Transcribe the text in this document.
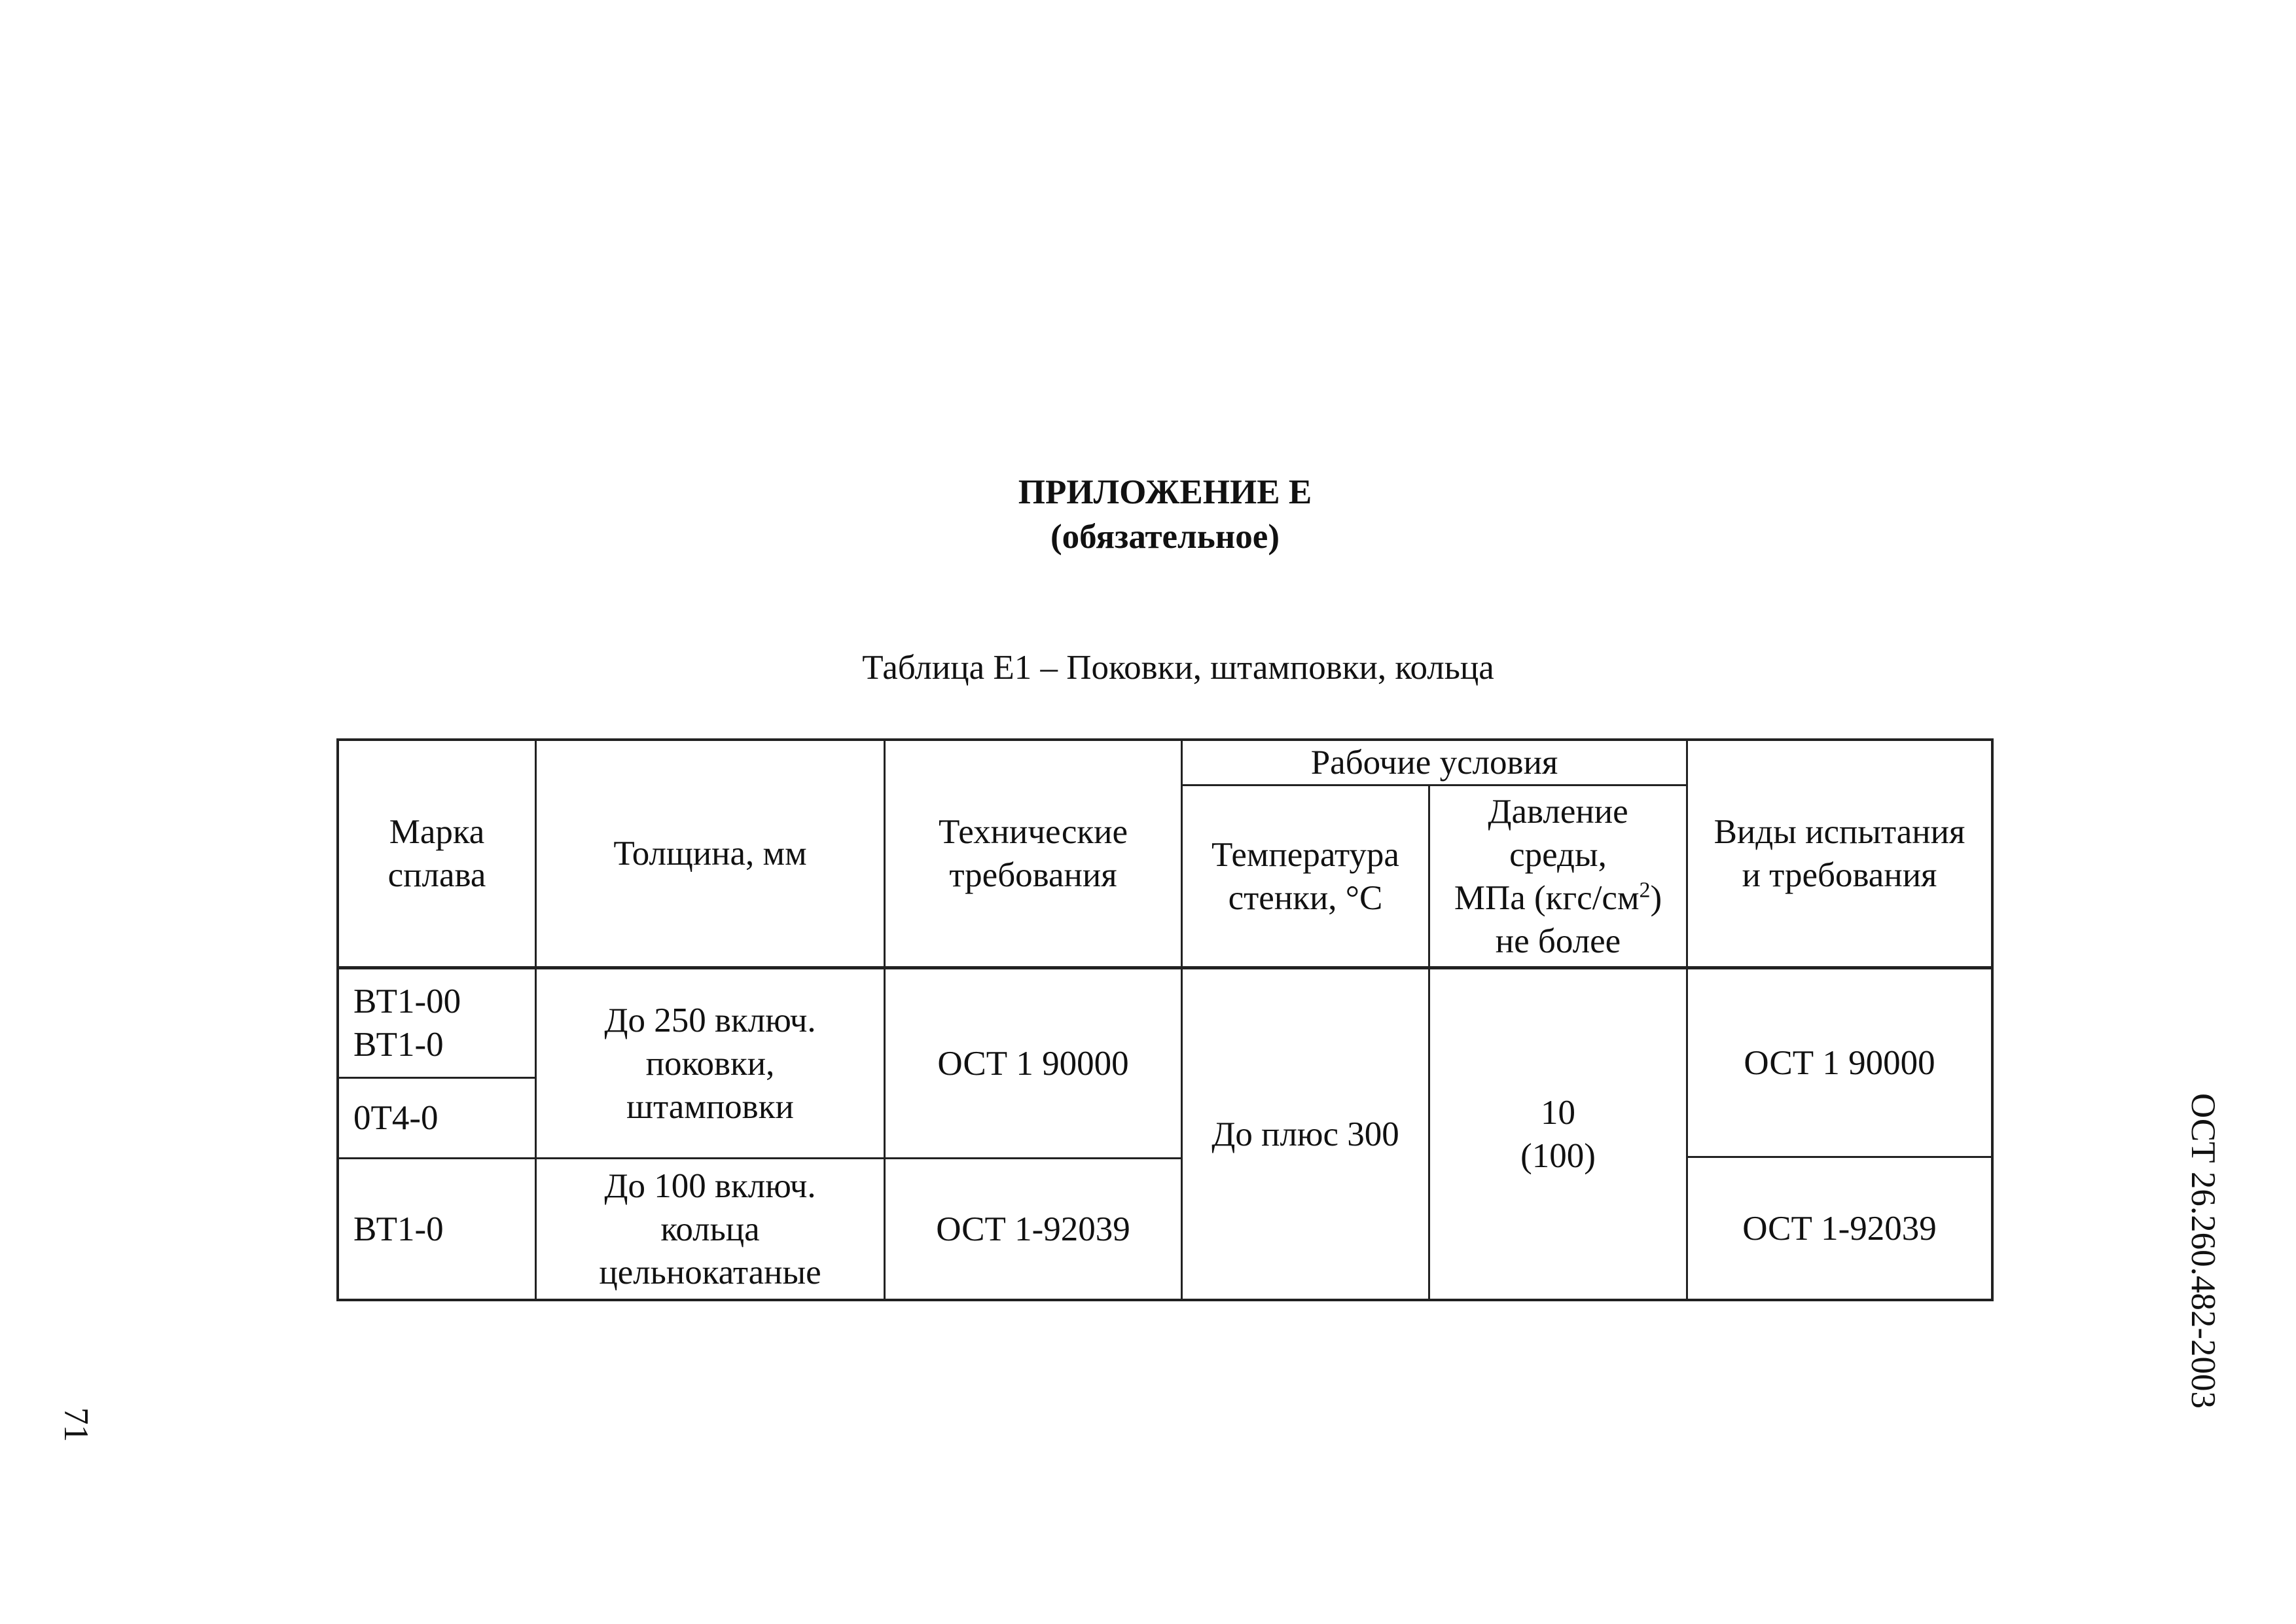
ПРИЛОЖЕНИЕ Е
(обязательное)
Таблица Е1 – Поковки, штамповки, кольца
ОСТ 26.260.482-2003
71
Марка
сплава
Толщина, мм
Технические
требования
Рабочие условия
Температура
стенки, °С
Давление
среды,
МПа $(кгс/см^2)$
не более
Виды испытания
и требования
ВТ1-00
ВТ1-0
0Т4-0
ВТ1-0
До 250 включ.
поковки,
штамповки
До 100 включ.
кольца
цельнокатаные
ОСТ 1 90000
ОСТ 1-92039
До плюс 300
10
(100)
ОСТ 1 90000
ОСТ 1-92039
